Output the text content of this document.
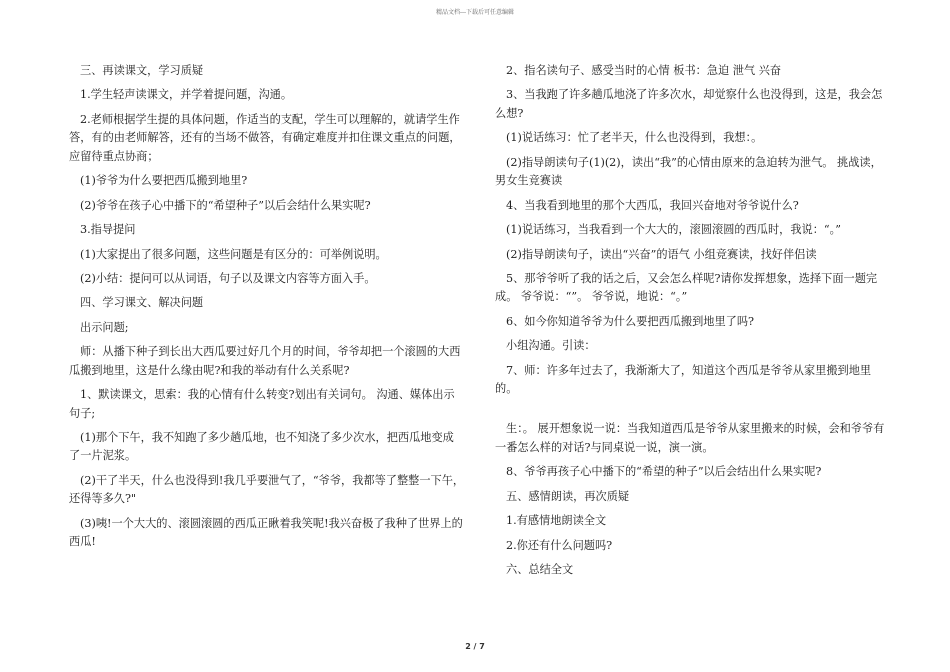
精品文档---下载后可任意编辑

三、再读课文，学习质疑

1.学生轻声读课文，并学着提问题，沟通。

2.老师根据学生提的具体问题，作适当的支配，学生可以理解的，就请学生作答，有的由老师解答，还有的当场不做答，有确定难度并扣住课文重点的问题，应留待重点协商；

(1)爷爷为什么要把西瓜搬到地里?

(2)爷爷在孩子心中播下的“希望种子”以后会结什么果实呢?

3.指导提问

(1)大家提出了很多问题，这些问题是有区分的：可举例说明。

(2)小结：提问可以从词语，句子以及课文内容等方面入手。

四、学习课文、解决问题

出示问题;

师：从播下种子到长出大西瓜要过好几个月的时间，爷爷却把一个滚圆的大西瓜搬到地里，这是什么缘由呢?和我的举动有什么关系呢?

1、默读课文，思索：我的心情有什么转变?划出有关词句。 沟通、媒体出示句子;

(1)那个下午，我不知跑了多少趟瓜地，也不知浇了多少次水，把西瓜地变成了一片泥浆。

(2)干了半天，什么也没得到!我几乎要泄气了，“爷爷，我都等了整整一下午，还得等多久?"

(3)咦!一个大大的、滚圆滚圆的西瓜正瞅着我笑呢!我兴奋极了我种了世界上的西瓜!

2、指名读句子、感受当时的心情 板书：急迫 泄气 兴奋

3、当我跑了许多趟瓜地浇了许多次水，却觉察什么也没得到，这是，我会怎么想?

(1)说话练习：忙了老半天，什么也没得到，我想：。

(2)指导朗读句子(1)(2)，读出“我”的心情由原来的急迫转为泄气。 挑战读，男女生竞赛读

4、当我看到地里的那个大西瓜，我回兴奋地对爷爷说什么?

(1)说话练习，当我看到一个大大的，滚圆滚圆的西瓜时，我说：“。”

(2)指导朗读句子，读出“兴奋”的语气 小组竞赛读，找好伴侣读

5、那爷爷听了我的话之后，又会怎么样呢?请你发挥想象，选择下面一题完成。 爷爷说：“”。 爷爷说，地说：“。”

6、如今你知道爷爷为什么要把西瓜搬到地里了吗?

小组沟通。引读：

7、师：许多年过去了，我渐渐大了，知道这个西瓜是爷爷从家里搬到地里的。

生：。 展开想象说一说：当我知道西瓜是爷爷从家里搬来的时候，会和爷爷有一番怎么样的对话?与同桌说一说，演一演。

8、爷爷再孩子心中播下的“希望的种子”以后会结出什么果实呢?

五、感情朗读，再次质疑

1.有感情地朗读全文

2.你还有什么问题吗?

六、总结全文

2 / 7
